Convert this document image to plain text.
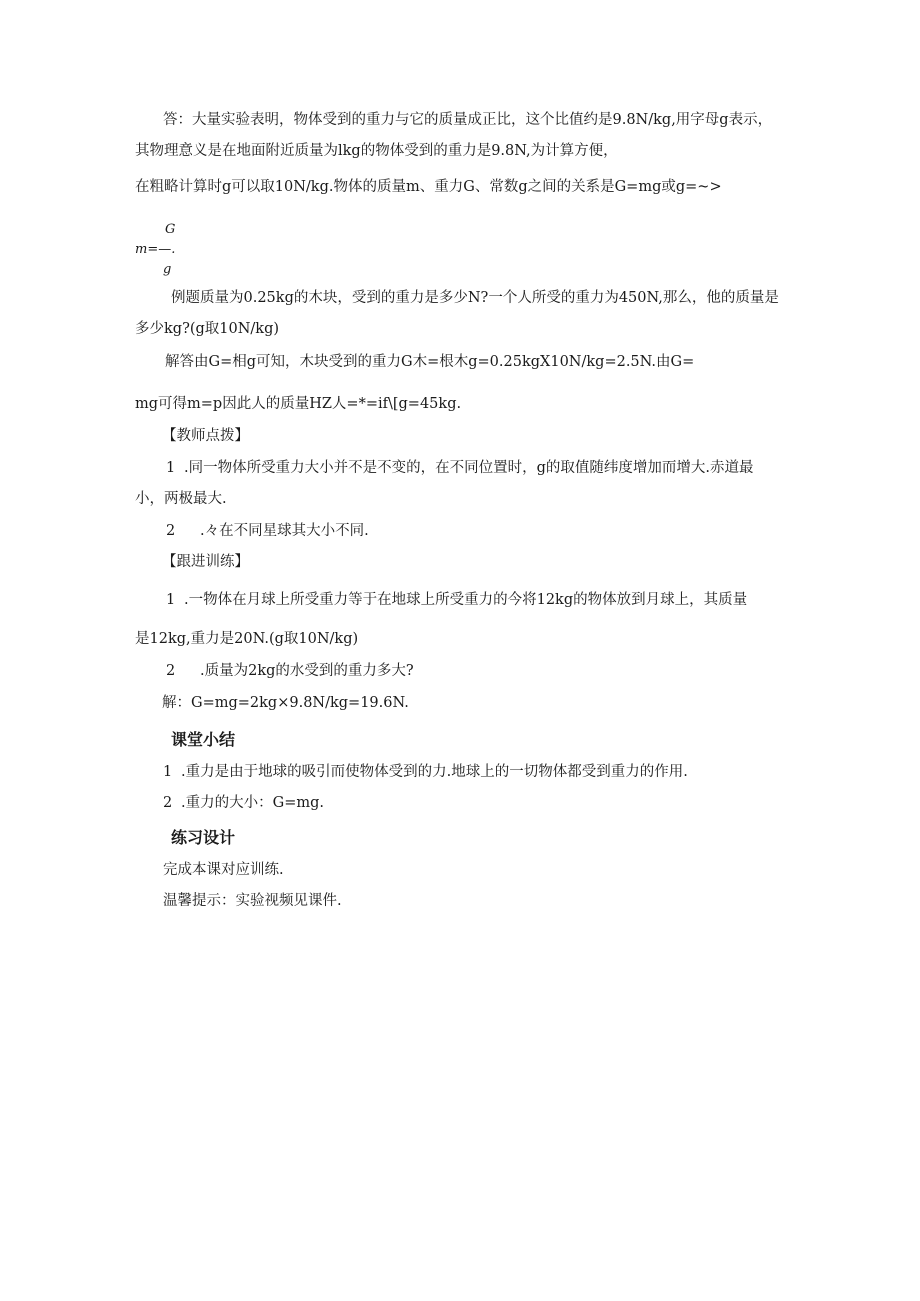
答：大量实验表明，物体受到的重力与它的质量成正比，这个比值约是9.8N/kg,用字母g表示，
其物理意义是在地面附近质量为lkg的物体受到的重力是9.8N,为计算方便，
在粗略计算时g可以取10N/kg.物体的质量m、重力G、常数g之间的关系是G=mg或g=~>
G
m=—.
g
例题质量为0.25kg的木块，受到的重力是多少N?一个人所受的重力为450N,那么，他的质量是
多少kg?(g取10N/kg)
解答由G=相g可知，木块受到的重力G木=根木g=0.25kgX10N/kg=2.5N.由G=
mg可得m=p因此人的质量HZ人=*=if\[g=45kg.
【教师点拨】
1 .同一物体所受重力大小并不是不变的，在不同位置时，g的取值随纬度增加而增大.赤道最
小，两极最大.
2 .々在不同星球其大小不同.
【跟进训练】
1 .一物体在月球上所受重力等于在地球上所受重力的今将12kg的物体放到月球上，其质量
是12kg,重力是20N.(g取10N/kg)
2 .质量为2kg的水受到的重力多大?
解：G=mg=2kg×9.8N/kg=19.6N.
课堂小结
1 .重力是由于地球的吸引而使物体受到的力.地球上的一切物体都受到重力的作用.
2 .重力的大小：G=mg.
练习设计
完成本课对应训练.
温馨提示：实验视频见课件.
